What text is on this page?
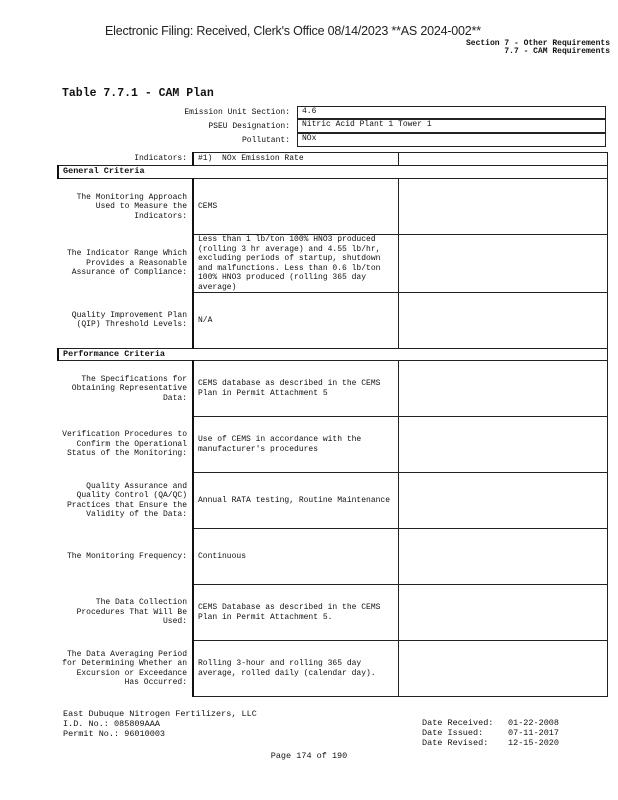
Electronic Filing: Received, Clerk's Office 08/14/2023 **AS 2024-002**
Section 7 - Other Requirements
7.7 - CAM Requirements
Table 7.7.1 - CAM Plan
Emission Unit Section:	4.6
PSEU Designation:	Nitric Acid Plant 1 Tower 1
Pollutant:	NOx
Indicators:	#1) NOx Emission Rate	
General Criteria		
The Monitoring Approach Used to Measure the Indicators:	CEMS	
The Indicator Range Which Provides a Reasonable Assurance of Compliance:	Less than 1 lb/ton 100% HNO3 produced (rolling 3 hr average) and 4.55 lb/hr, excluding periods of startup, shutdown and malfunctions. Less than 0.6 lb/ton 100% HNO3 produced (rolling 365 day average)	
Quality Improvement Plan (QIP) Threshold Levels:	N/A	
Performance Criteria		
The Specifications for Obtaining Representative Data:	CEMS database as described in the CEMS Plan in Permit Attachment 5	
Verification Procedures to Confirm the Operational Status of the Monitoring:	Use of CEMS in accordance with the manufacturer's procedures	
Quality Assurance and Quality Control (QA/QC) Practices that Ensure the Validity of the Data:	Annual RATA testing, Routine Maintenance	
The Monitoring Frequency:	Continuous	
The Data Collection Procedures That Will Be Used:	CEMS Database as described in the CEMS Plan in Permit Attachment 5.	
The Data Averaging Period for Determining Whether an Excursion or Exceedance Has Occurred:	Rolling 3-hour and rolling 365 day average, rolled daily (calendar day).	
East Dubuque Nitrogen Fertilizers, LLC
I.D. No.: 085809AAA
Permit No.: 96010003
Date Received: 01-22-2008
Date Issued:	07-11-2017
Date Revised: 12-15-2020
Page 174 of 190
